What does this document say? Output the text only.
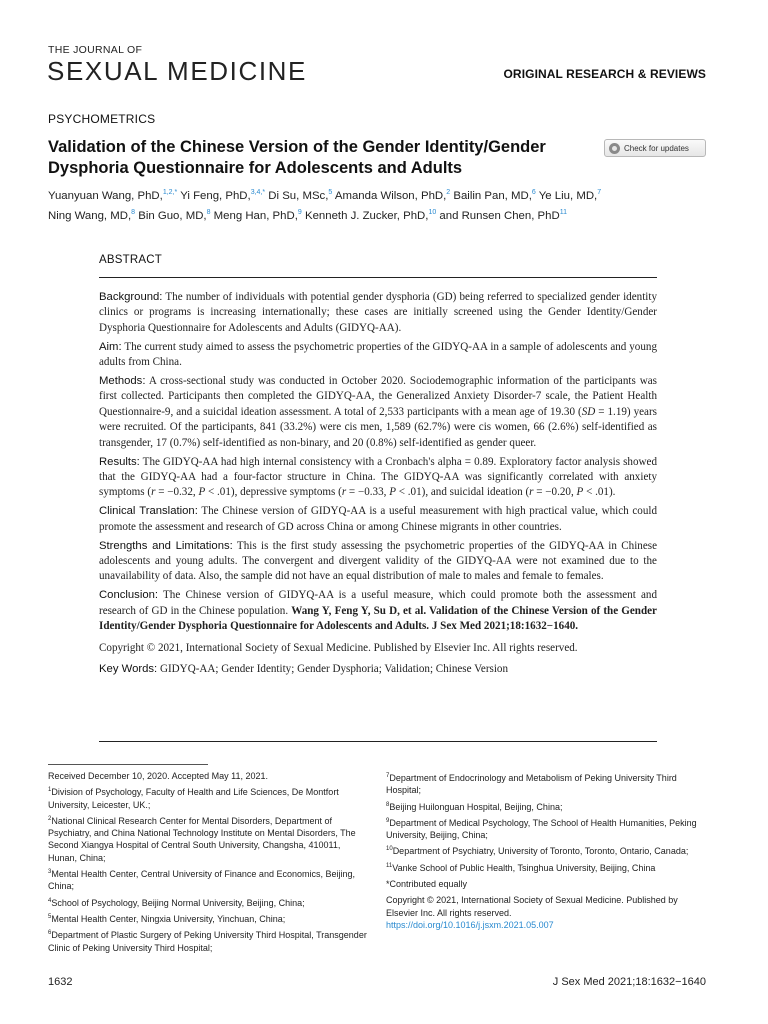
THE JOURNAL OF
SEXUAL MEDICINE	ORIGINAL RESEARCH & REVIEWS
PSYCHOMETRICS
Validation of the Chinese Version of the Gender Identity/Gender Dysphoria Questionnaire for Adolescents and Adults
Check for updates
Yuanyuan Wang, PhD,$^{1,2,*}$ Yi Feng, PhD,$^{3,4,*}$ Di Su, MSc,$^5$ Amanda Wilson, PhD,$^2$ Bailin Pan, MD,$^6$ Ye Liu, MD,$^7$
Ning Wang, MD,$^8$ Bin Guo, MD,$^8$ Meng Han, PhD,$^9$ Kenneth J. Zucker, PhD,$^{10}$ and Runsen Chen, PhD$^{11}$
ABSTRACT

Background: The number of individuals with potential gender dysphoria (GD) being referred to specialized gender identity clinics or programs is increasing internationally; these cases are initially screened using the Gender Identity/Gender Dysphoria Questionnaire for Adolescents and Adults (GIDYQ-AA).

Aim: The current study aimed to assess the psychometric properties of the GIDYQ-AA in a sample of adolescents and young adults from China.

Methods: A cross-sectional study was conducted in October 2020. Sociodemographic information of the participants was first collected. Participants then completed the GIDYQ-AA, the Generalized Anxiety Disorder-7 scale, the Patient Health Questionnaire-9, and a suicidal ideation assessment. A total of 2,533 participants with a mean age of 19.30 (SD = 1.19) years were recruited. Of the participants, 841 (33.2%) were cis men, 1,589 (62.7%) were cis women, 66 (2.6%) self-identified as transgender, 17 (0.7%) self-identified as non-binary, and 20 (0.8%) self-identified as gender queer.

Results: The GIDYQ-AA had high internal consistency with a Cronbach's alpha = 0.89. Exploratory factor analysis showed that the GIDYQ-AA had a four-factor structure in China. The GIDYQ-AA was significantly correlated with anxiety symptoms (r = −0.32, P < .01), depressive symptoms (r = −0.33, P < .01), and suicidal ideation (r = −0.20, P < .01).

Clinical Translation: The Chinese version of GIDYQ-AA is a useful measurement with high practical value, which could promote the assessment and research of GD across China or among Chinese migrants in other countries.

Strengths and Limitations: This is the first study assessing the psychometric properties of the GIDYQ-AA in Chinese adolescents and young adults. The convergent and divergent validity of the GIDYQ-AA were not examined due to the unavailability of data. Also, the sample did not have an equal distribution of male to males and female to females.

Conclusion: The Chinese version of GIDYQ-AA is a useful measure, which could promote both the assessment and research of GD in the Chinese population. Wang Y, Feng Y, Su D, et al. Validation of the Chinese Version of the Gender Identity/Gender Dysphoria Questionnaire for Adolescents and Adults. J Sex Med 2021;18:1632−1640.

Copyright © 2021, International Society of Sexual Medicine. Published by Elsevier Inc. All rights reserved.

Key Words: GIDYQ-AA; Gender Identity; Gender Dysphoria; Validation; Chinese Version

Received December 10, 2020. Accepted May 11, 2021.

$^1$Division of Psychology, Faculty of Health and Life Sciences, De Montfort University, Leicester, UK.;

$^2$National Clinical Research Center for Mental Disorders, Department of Psychiatry, and China National Technology Institute on Mental Disorders, The Second Xiangya Hospital of Central South University, Changsha, 410011, Hunan, China;

$^3$Mental Health Center, Central University of Finance and Economics, Beijing, China;

$^4$School of Psychology, Beijing Normal University, Beijing, China;

$^5$Mental Health Center, Ningxia University, Yinchuan, China;

$^6$Department of Plastic Surgery of Peking University Third Hospital, Transgender Clinic of Peking University Third Hospital;

$^7$Department of Endocrinology and Metabolism of Peking University Third Hospital;

$^8$Beijing Huilonguan Hospital, Beijing, China;

$^9$Department of Medical Psychology, The School of Health Humanities, Peking University, Beijing, China;

$^{10}$Department of Psychiatry, University of Toronto, Toronto, Ontario, Canada;

$^{11}$Vanke School of Public Health, Tsinghua University, Beijing, China

*Contributed equally

Copyright © 2021, International Society of Sexual Medicine. Published by Elsevier Inc. All rights reserved.

https://doi.org/10.1016/j.jsxm.2021.05.007
1632	J Sex Med 2021;18:1632−1640
